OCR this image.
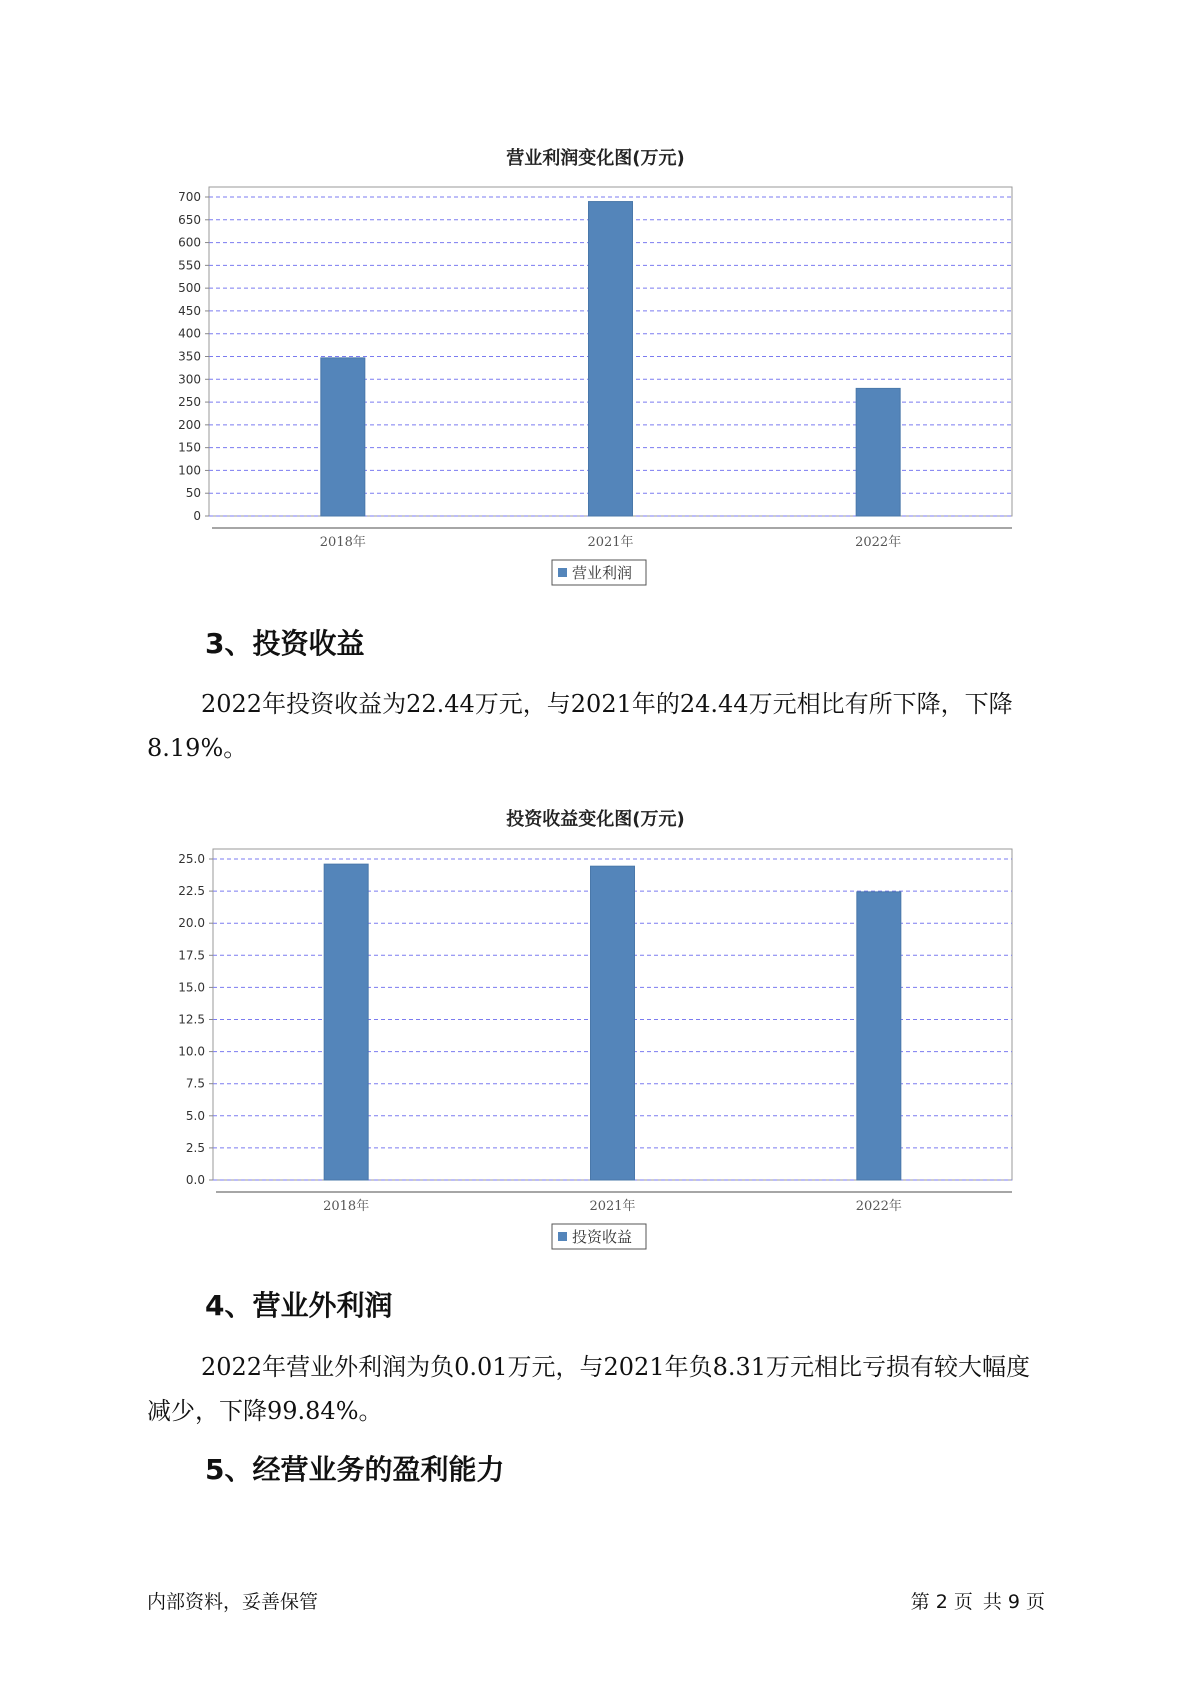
营业利润变化图(万元)
0
50
100
150
200
250
300
350
400
450
500
550
600
650
700
2018年	2021年	2022年
营业利润
3、投资收益

2022年投资收益为22.44万元，与2021年的24.44万元相比有所下降，下降8.19%。

投资收益变化图(万元)
0.0
2.5
5.0
7.5
10.0
12.5
15.0
17.5
20.0
22.5
25.0
2018年	2021年	2022年
投资收益
4、营业外利润

2022年营业外利润为负0.01万元，与2021年负8.31万元相比亏损有较大幅度减少，下降99.84%。

5、经营业务的盈利能力
内部资料，妥善保管	第 2 页 共 9 页
